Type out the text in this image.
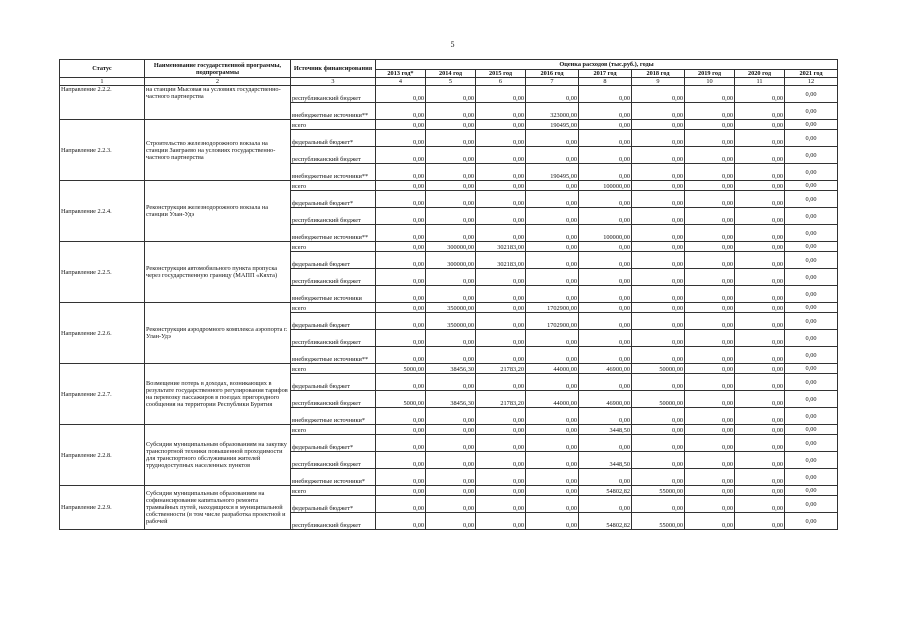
5
Статус	Наименование государственной программы, подпрограммы	Источник финансирования	Оценка расходов (тыс.руб.), годы								
			2013 год*	2014 год	2015 год	2016 год	2017 год	2018 год	2019 год	2020 год	2021 год
1	2	3	4	5	6	7	8	9	10	11	12
Направление 2.2.2.	на станции Мысовая на условиях государственно-частного партнерства	республиканский бюджет	0,00	0,00	0,00	0,00	0,00	0,00	0,00	0,00	0,00
		внебюджетные источники**	0,00	0,00	0,00	323000,00	0,00	0,00	0,00	0,00	0,00
Направление 2.2.3.	Строительство железнодорожного вокзала на станции Заиграево на условиях государственно-частного партнерства	всего	0,00	0,00	0,00	190495,00	0,00	0,00	0,00	0,00	0,00
		федеральный бюджет*	0,00	0,00	0,00	0,00	0,00	0,00	0,00	0,00	0,00
		республиканский бюджет	0,00	0,00	0,00	0,00	0,00	0,00	0,00	0,00	0,00
		внебюджетные источники**	0,00	0,00	0,00	190495,00	0,00	0,00	0,00	0,00	0,00
Направление 2.2.4.	Реконструкция железнодорожного вокзала на станции Улан-Удэ	всего	0,00	0,00	0,00	0,00	100000,00	0,00	0,00	0,00	0,00
		федеральный бюджет*	0,00	0,00	0,00	0,00	0,00	0,00	0,00	0,00	0,00
		республиканский бюджет	0,00	0,00	0,00	0,00	0,00	0,00	0,00	0,00	0,00
		внебюджетные источники**	0,00	0,00	0,00	0,00	100000,00	0,00	0,00	0,00	0,00
Направление 2.2.5.	Реконструкция автомобильного пункта пропуска через государственную границу (МАПП «Кяхта)	всего	0,00	300000,00	302183,00	0,00	0,00	0,00	0,00	0,00	0,00
		федеральный бюджет	0,00	300000,00	302183,00	0,00	0,00	0,00	0,00	0,00	0,00
		республиканский бюджет	0,00	0,00	0,00	0,00	0,00	0,00	0,00	0,00	0,00
		внебюджетные источники	0,00	0,00	0,00	0,00	0,00	0,00	0,00	0,00	0,00
Направление 2.2.6.	Реконструкция аэродромного комплекса аэропорта г. Улан-Удэ	всего	0,00	350000,00	0,00	1702900,00	0,00	0,00	0,00	0,00	0,00
		федеральный бюджет	0,00	350000,00	0,00	1702900,00	0,00	0,00	0,00	0,00	0,00
		республиканский бюджет	0,00	0,00	0,00	0,00	0,00	0,00	0,00	0,00	0,00
		внебюджетные источники**	0,00	0,00	0,00	0,00	0,00	0,00	0,00	0,00	0,00
Направление 2.2.7.	Возмещение потерь в доходах, возникающих в результате государственного регулирования тарифов на перевозку пассажиров в поездах пригородного сообщения на территории Республики Бурятия	всего	5000,00	38456,30	21783,20	44000,00	46900,00	50000,00	0,00	0,00	0,00
		федеральный бюджет	0,00	0,00	0,00	0,00	0,00	0,00	0,00	0,00	0,00
		республиканский бюджет	5000,00	38456,30	21783,20	44000,00	46900,00	50000,00	0,00	0,00	0,00
		внебюджетные источники*	0,00	0,00	0,00	0,00	0,00	0,00	0,00	0,00	0,00
Направление 2.2.8.	Субсидия муниципальным образованиям на закупку транспортной техники повышенной проходимости для транспортного обслуживания жителей труднодоступных населенных пунктов	всего	0,00	0,00	0,00	0,00	3448,50	0,00	0,00	0,00	0,00
		федеральный бюджет*	0,00	0,00	0,00	0,00	0,00	0,00	0,00	0,00	0,00
		республиканский бюджет	0,00	0,00	0,00	0,00	3448,50	0,00	0,00	0,00	0,00
		внебюджетные источники*	0,00	0,00	0,00	0,00	0,00	0,00	0,00	0,00	0,00
Направление 2.2.9.	Субсидия муниципальным образованиям на софинансирование капитального ремонта трамвайных путей, находящихся в муниципальной собственности (в том числе разработка проектной и рабочей	всего	0,00	0,00	0,00	0,00	54802,82	55000,00	0,00	0,00	0,00
		федеральный бюджет*	0,00	0,00	0,00	0,00	0,00	0,00	0,00	0,00	0,00
		республиканский бюджет	0,00	0,00	0,00	0,00	54802,82	55000,00	0,00	0,00	0,00
